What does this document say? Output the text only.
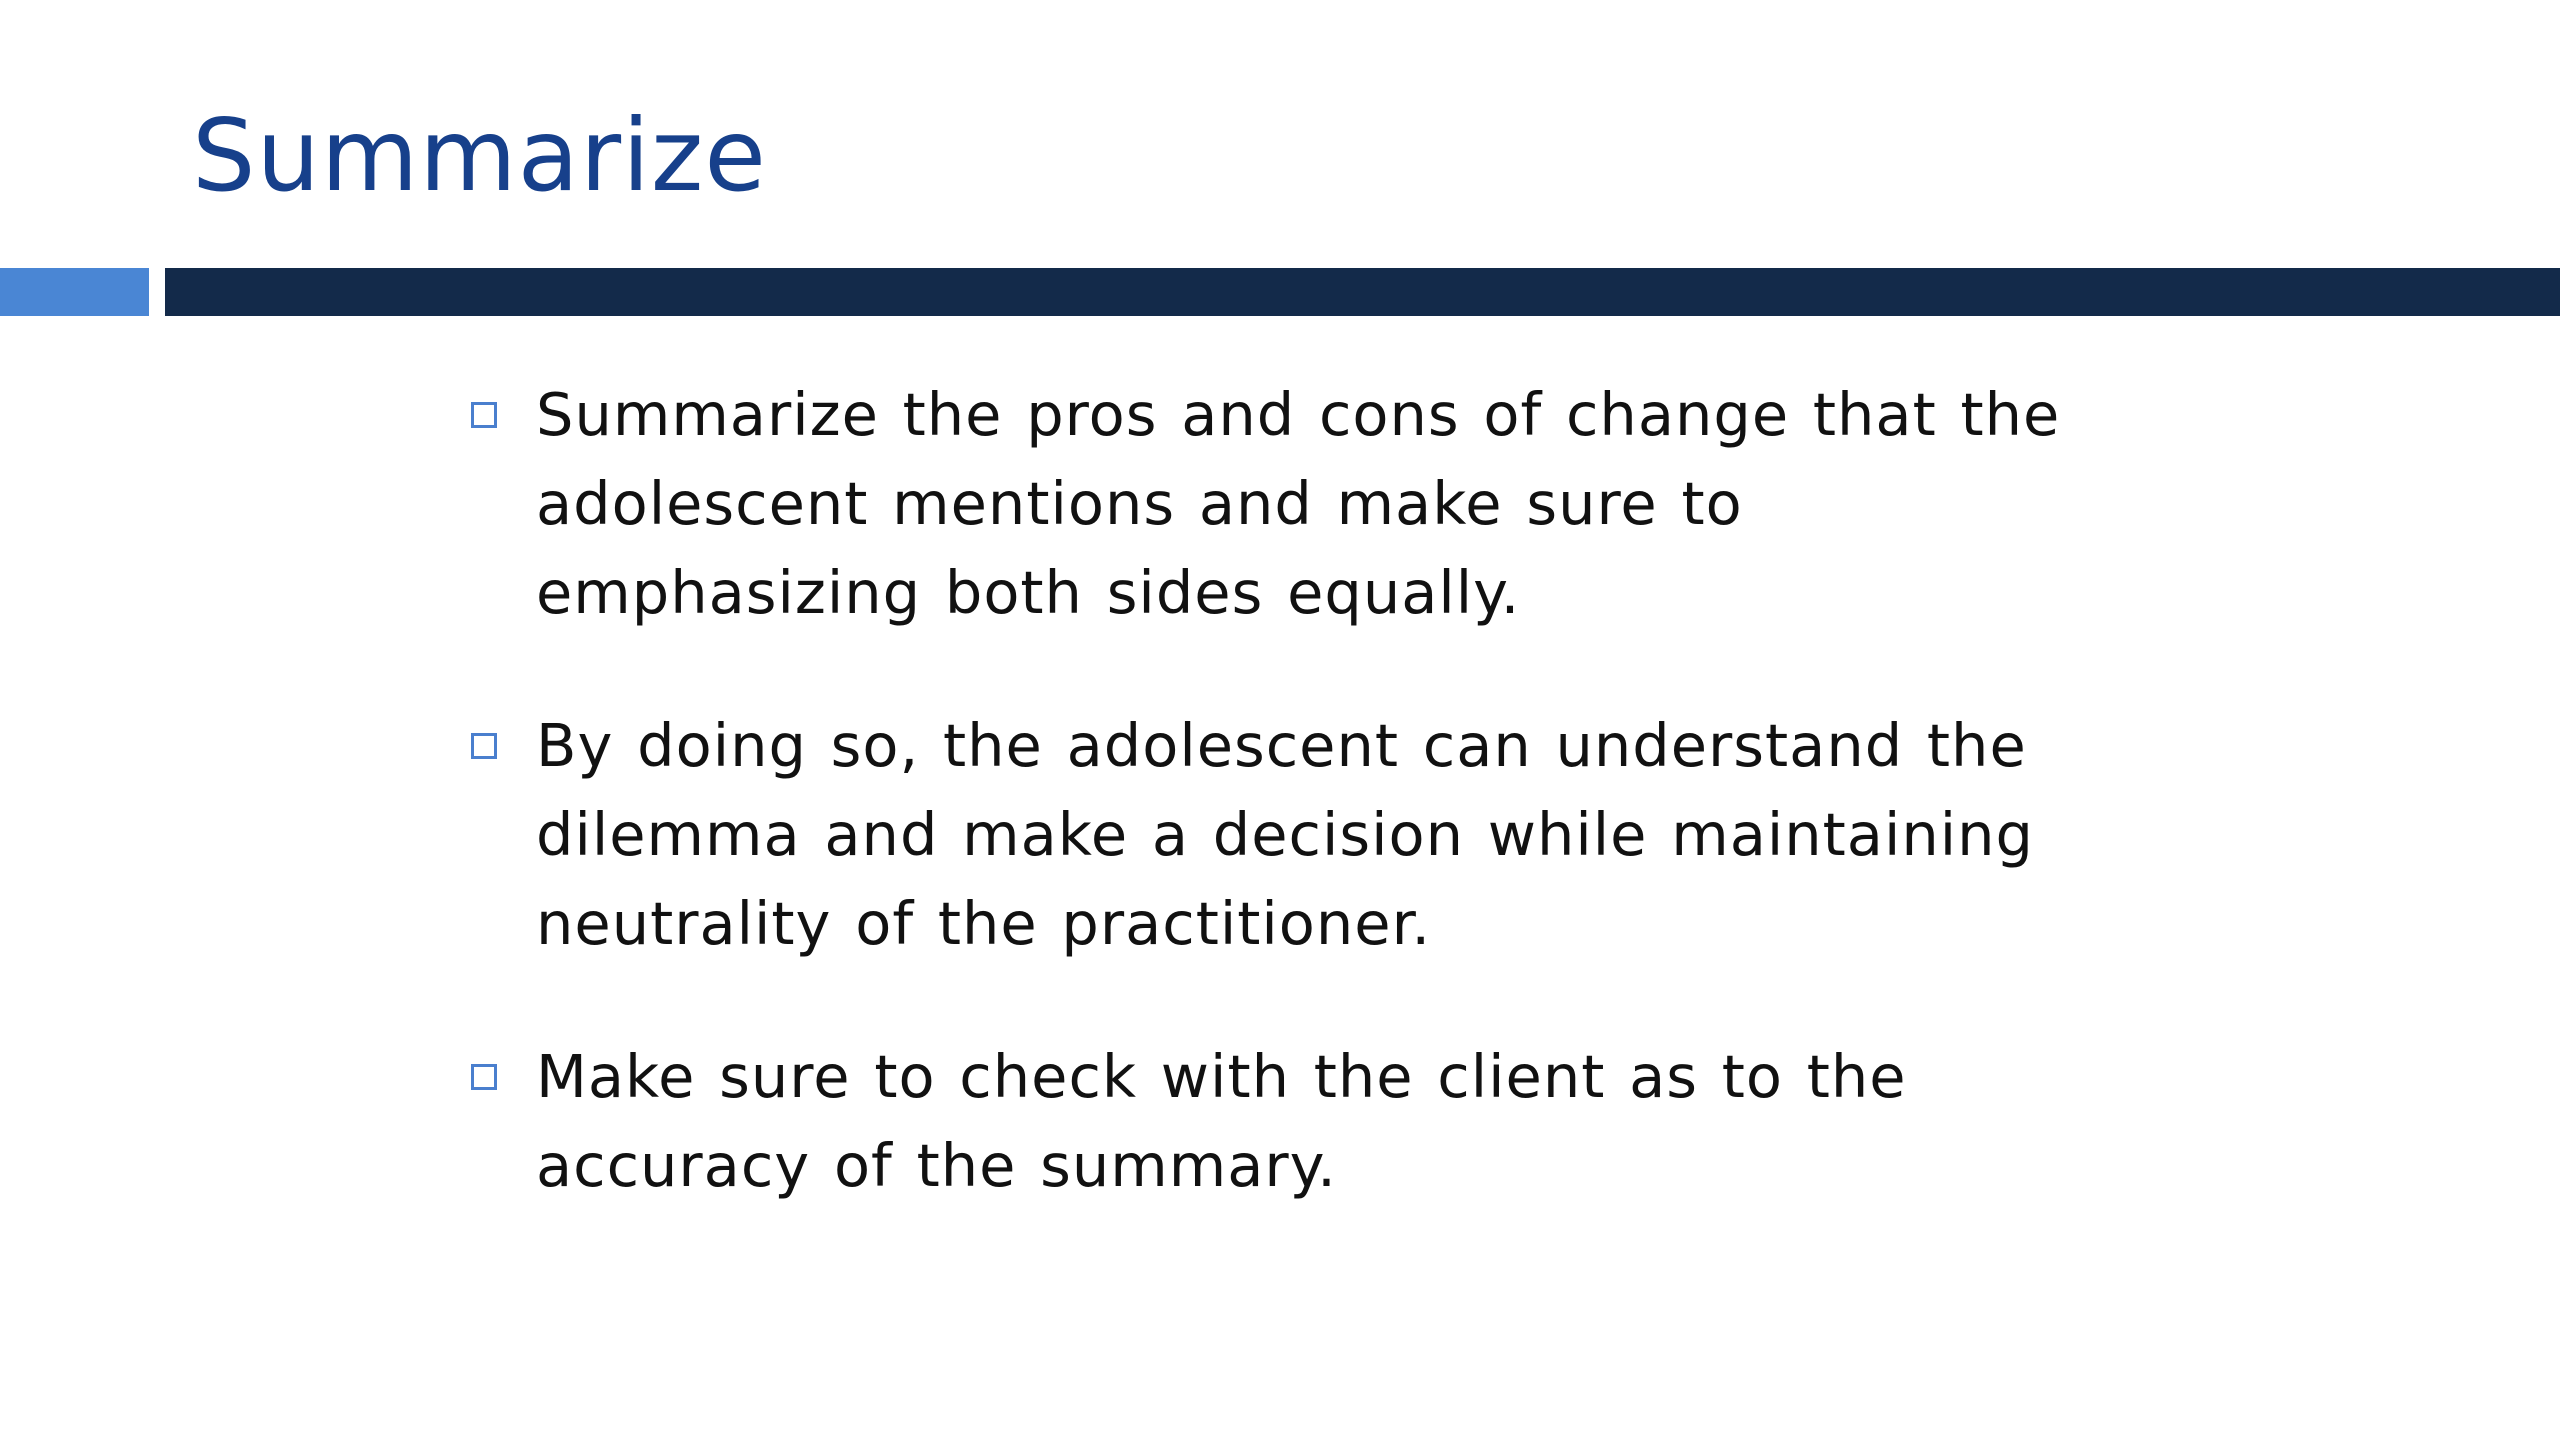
Summarize
Summarize the pros and cons of change that the adolescent mentions and make sure to emphasizing both sides equally.
By doing so, the adolescent can understand the dilemma and make a decision while maintaining neutrality of the practitioner.
Make sure to check with the client as to the accuracy of the summary.
